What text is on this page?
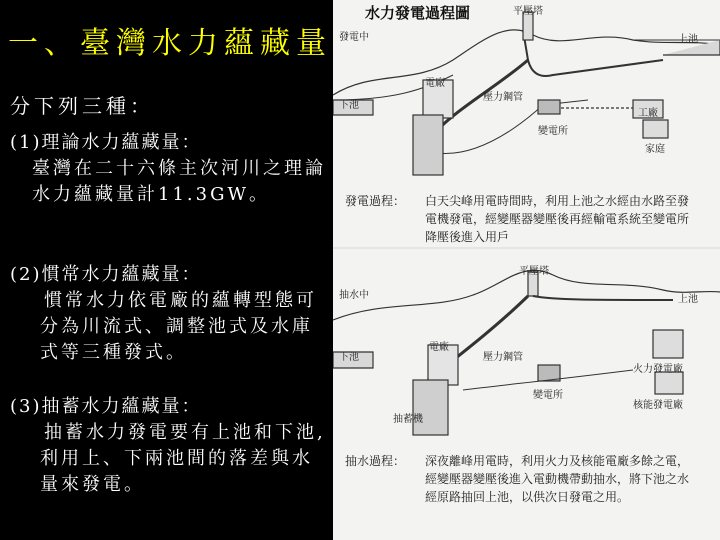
一、臺灣水力蘊藏量
分下列三種：
(1)理論水力蘊藏量：
臺灣在二十六條主次河川之理論水力蘊藏量計11.3GW。
(2)慣常水力蘊藏量：
慣常水力依電廠的蘊轉型態可分為川流式、調整池式及水庫式等三種發式。
(3)抽蓄水力蘊藏量：
抽蓄水力發電要有上池和下池, 利用上、下兩池間的落差與水量來發電。
水力發電過程圖
發電中
平壓塔
上池
下池
電廠
壓力鋼管
變電所
工廠
家庭
發電過程： 白天尖峰用電時間時，利用上池之水經由水路至發電機發電，經變壓器變壓後再經輸電系統至變電所降壓後進入用戶
抽水中
平壓塔
上池
下池
電廠
壓力鋼管
變電所
火力發電廠
核能發電廠
抽蓄機
抽水過程： 深夜離峰用電時，利用火力及核能電廠多餘之電，經變壓器變壓後進入電動機帶動抽水，將下池之水經原路抽回上池，以供次日發電之用。
